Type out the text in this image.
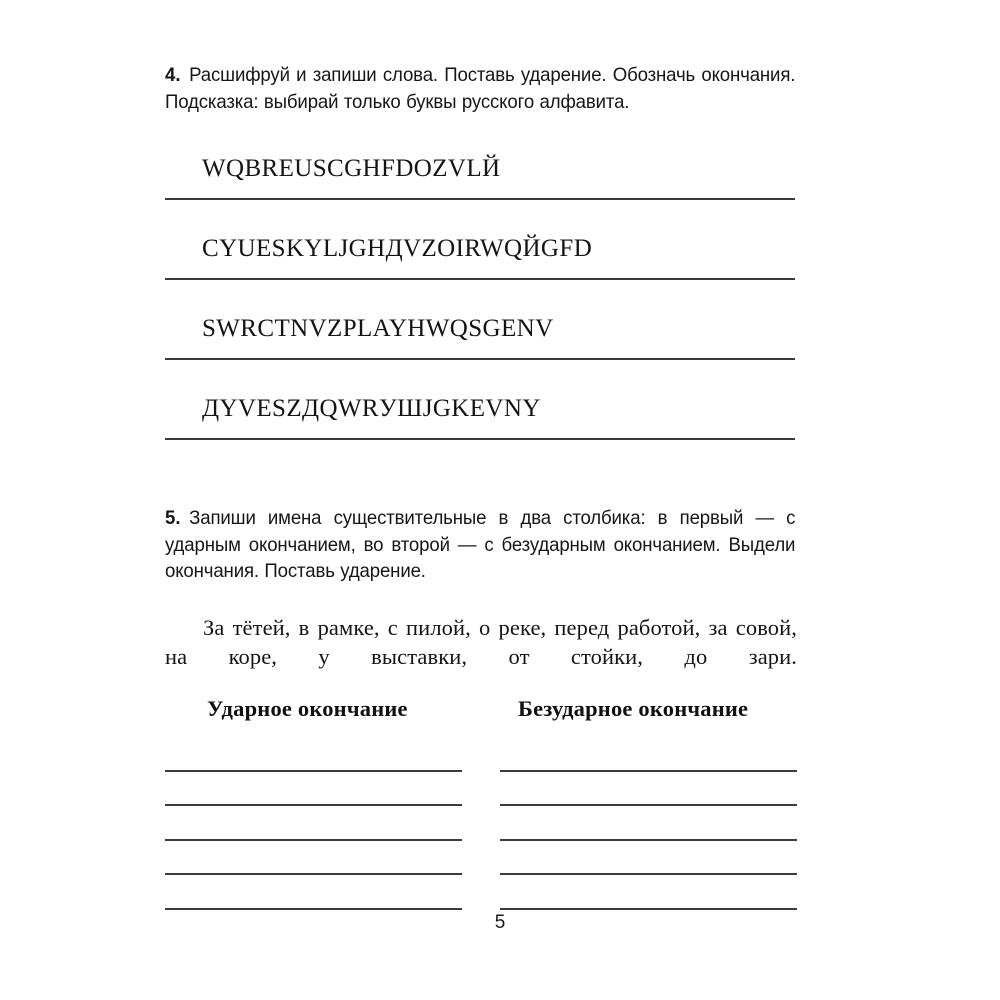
4. Расшифруй и запиши слова. Поставь ударение. Обозначь окончания. Подсказка: выбирай только буквы русского алфавита.
WQBREUSCGHFDOZVLЙ
CYUESKYLJGHДVZOIRWQЙGFD
SWRCTNVZPLAYHWQSGENV
ДYVESZДQWRУШJGKEVNY
5. Запиши имена существительные в два столбика: в первый — с ударным окончанием, во второй — с безударным окончанием. Выдели окончания. Поставь ударение.
За тётей, в рамке, с пилой, о реке, перед работой, за совой, на коре, у выставки, от стойки, до зари.
Ударное окончание	Безударное окончание
5
